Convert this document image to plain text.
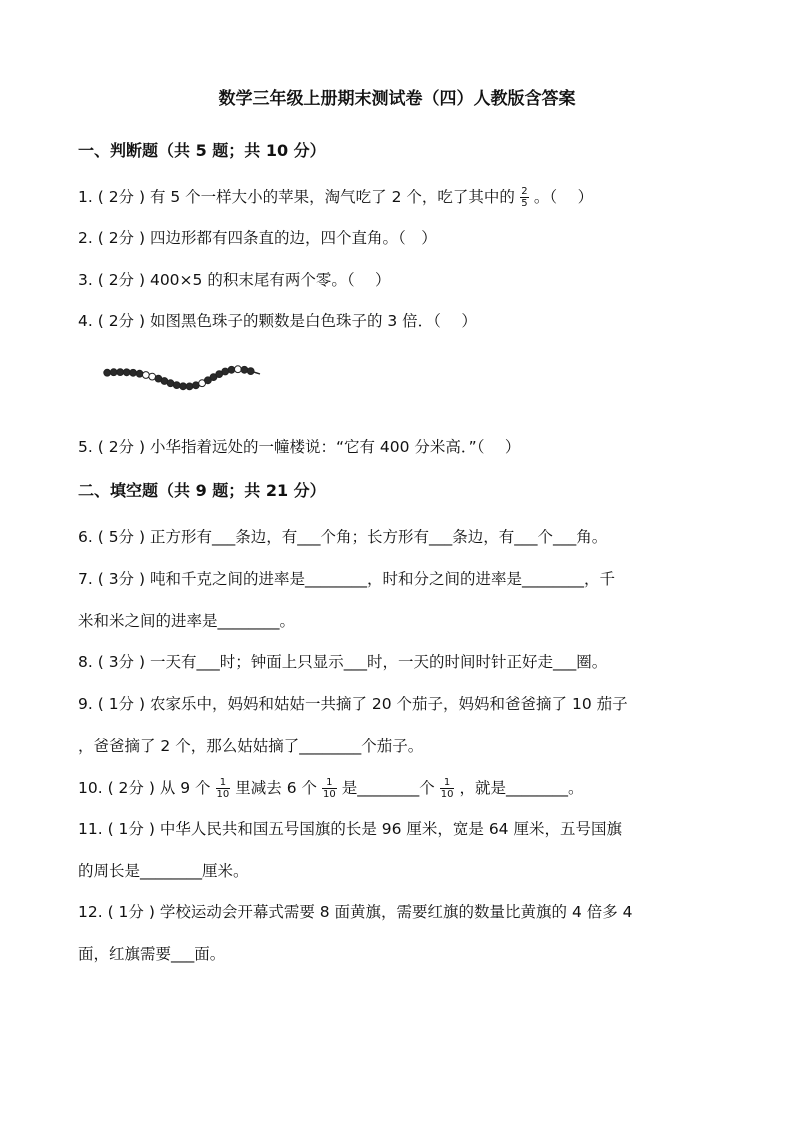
数学三年级上册期末测试卷（四）人教版含答案
一、判断题（共 5 题；共 10 分）
1. ( 2分 ) 有 5 个一样大小的苹果，淘气吃了 2 个，吃了其中的 $\frac{2}{5}$ 。（　 ）
2. ( 2分 ) 四边形都有四条直的边，四个直角。（　）
3. ( 2分 ) 400×5 的积末尾有两个零。（　 ）
4. ( 2分 ) 如图黑色珠子的颗数是白色珠子的 3 倍．（　 ）
5. ( 2分 ) 小华指着远处的一幢楼说：“它有 400 分米高．”（　 ）
二、填空题（共 9 题；共 21 分）
6. ( 5分 ) 正方形有___条边，有___个角；长方形有___条边，有___个___角。
7. ( 3分 ) 吨和千克之间的进率是________，时和分之间的进率是________，千
米和米之间的进率是________。
8. ( 3分 ) 一天有___时；钟面上只显示___时，一天的时间时针正好走___圈。
9. ( 1分 ) 农家乐中，妈妈和姑姑一共摘了 20 个茄子，妈妈和爸爸摘了 10 茄子
，爸爸摘了 2 个，那么姑姑摘了________个茄子。
10. ( 2分 ) 从 9 个 $\frac{1}{10}$ 里减去 6 个 $\frac{1}{10}$ 是________个 $\frac{1}{10}$ ，就是________。
11. ( 1分 ) 中华人民共和国五号国旗的长是 96 厘米，宽是 64 厘米，五号国旗
的周长是________厘米。
12. ( 1分 ) 学校运动会开幕式需要 8 面黄旗，需要红旗的数量比黄旗的 4 倍多 4
面，红旗需要___面。
